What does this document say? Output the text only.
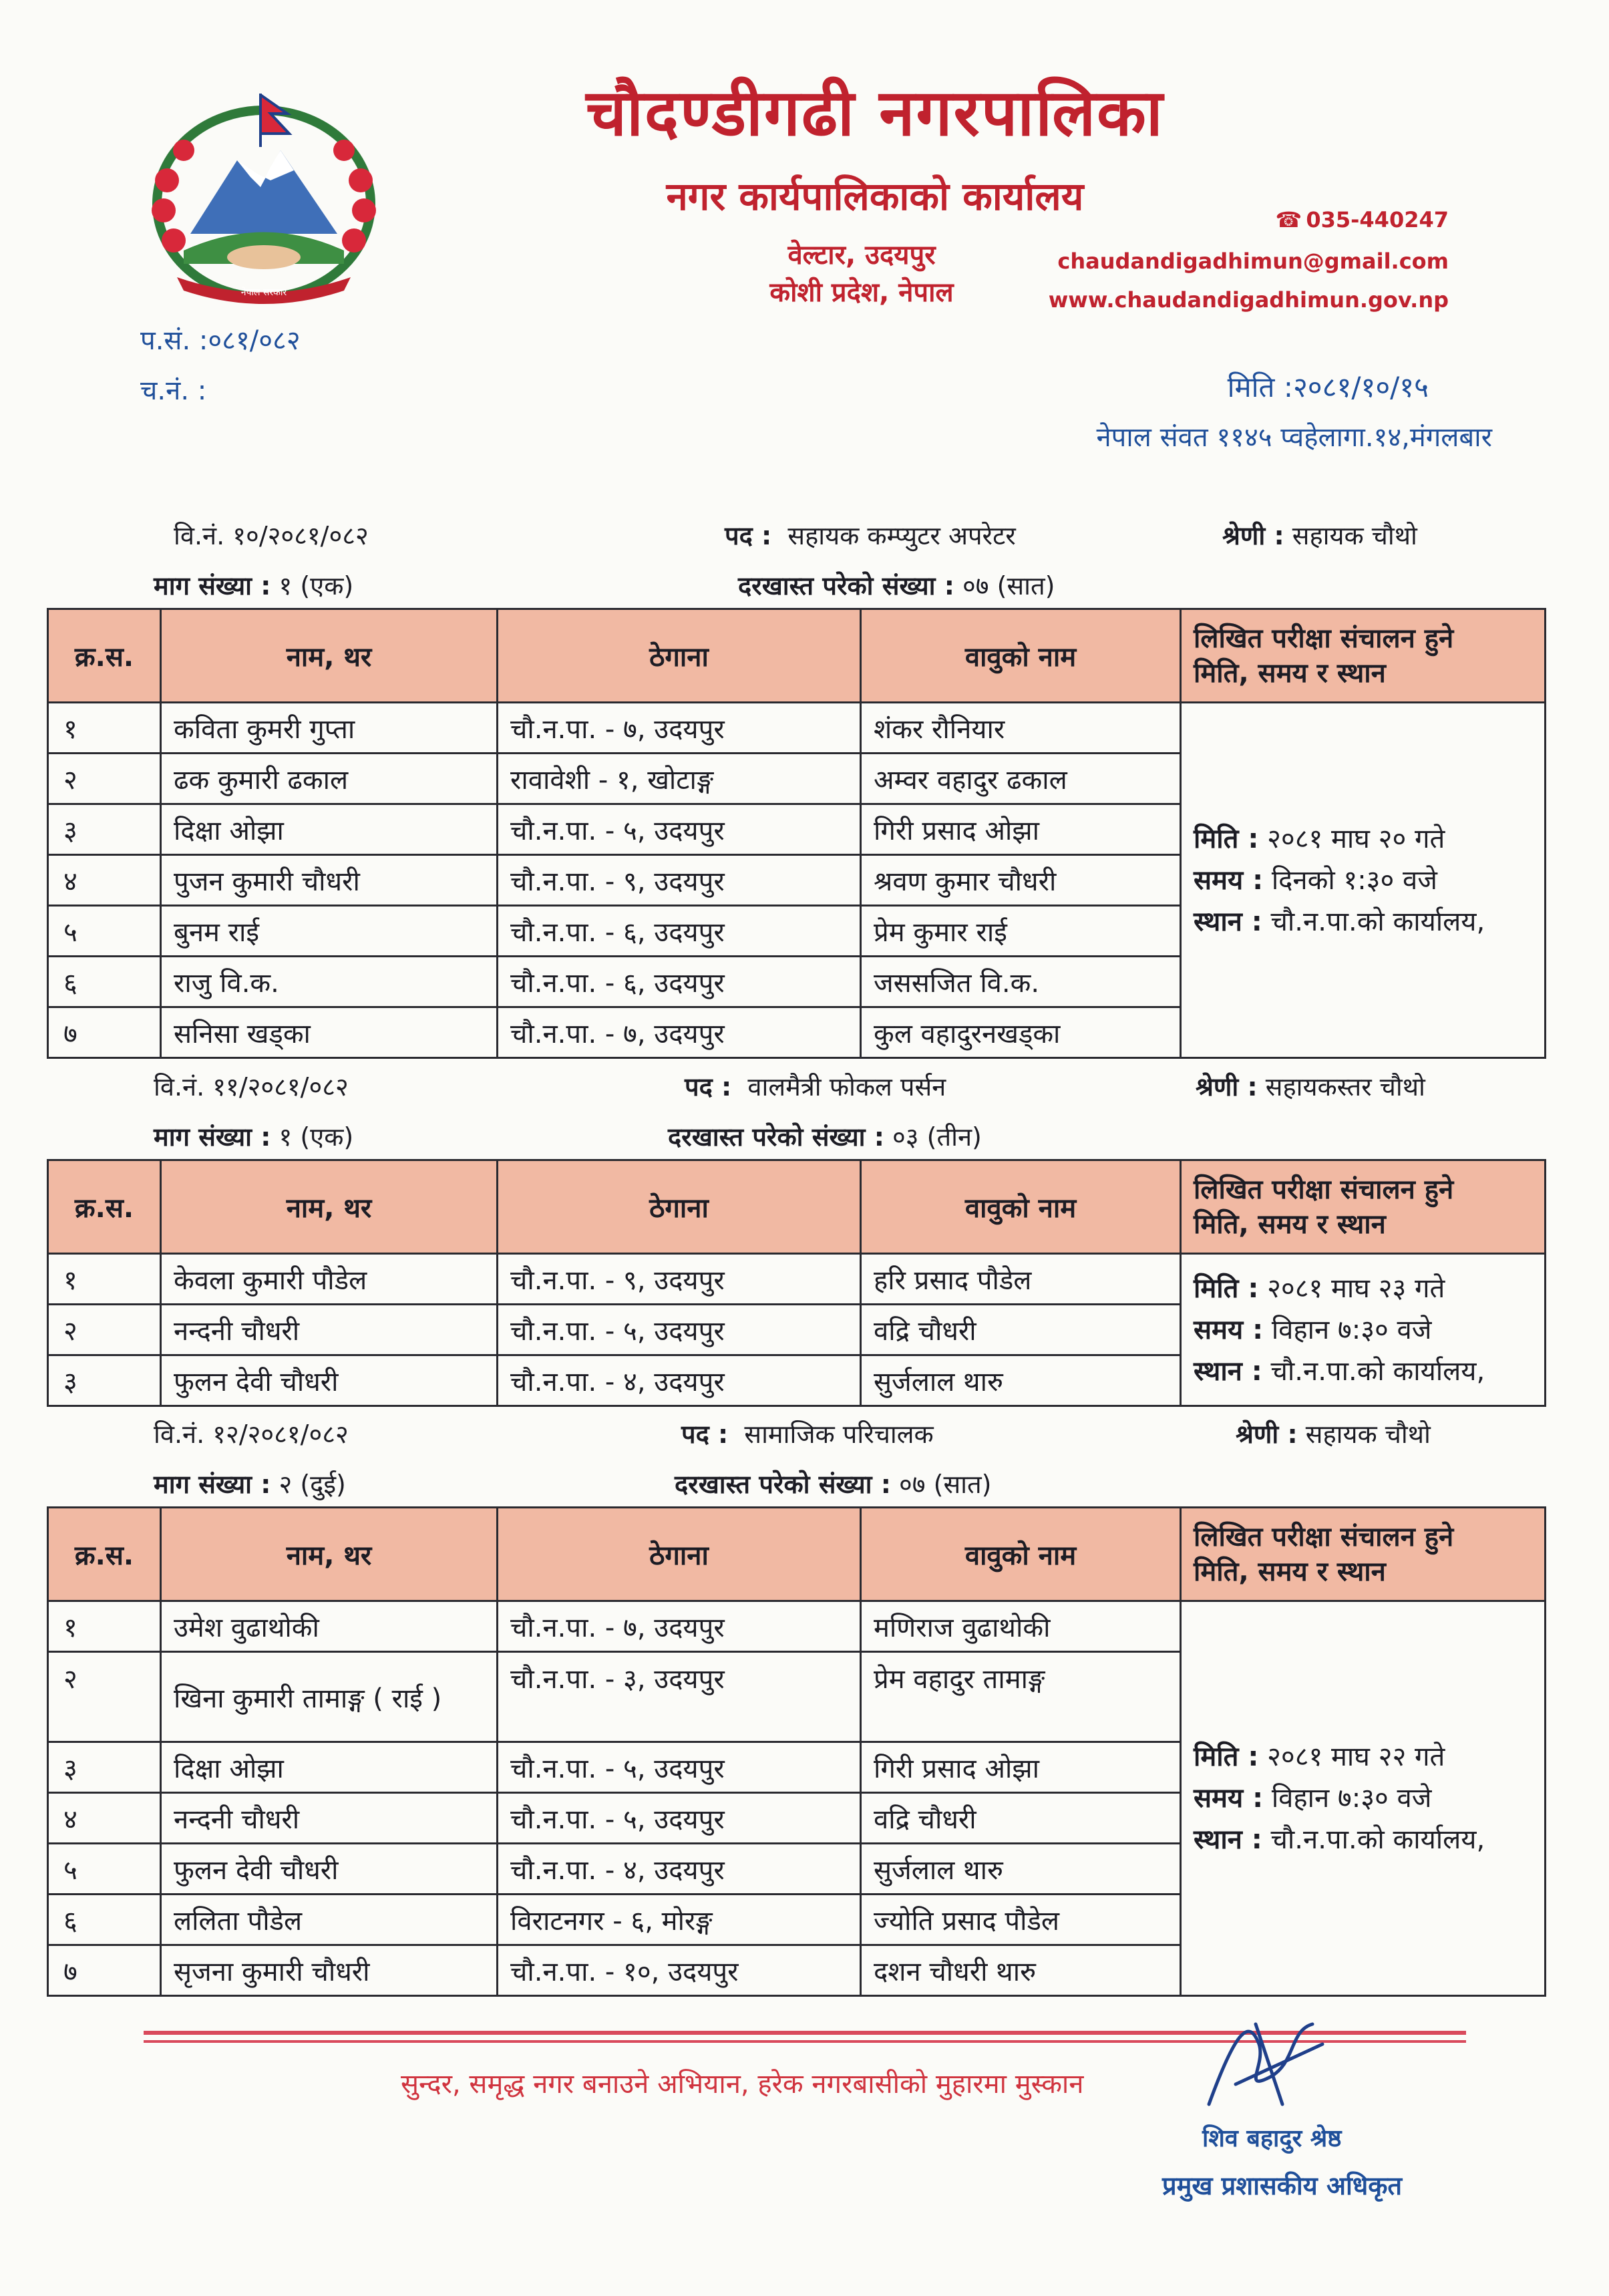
नेपाल सरकार
चौदण्डीगढी नगरपालिका
नगर कार्यपालिकाको कार्यालय
वेल्टार, उदयपुर
कोशी प्रदेश, नेपाल
☎ 035-440247
chaudandigadhimun@gmail.com
www.chaudandigadhimun.gov.np
प.सं. :०८१/०८२
च.नं. :	मिति :२०८१/१०/१५
नेपाल संवत ११४५ प्वहेलागा.१४,मंगलबार
वि.नं. १०/२०८१/०८२	पद : सहायक कम्प्युटर अपरेटर	श्रेणी : सहायक चौथो
माग संख्या : १ (एक)	दरखास्त परेको संख्या : ०७ (सात)
क्र.स.	नाम, थर	ठेगाना	वावुको नाम	लिखित परीक्षा संचालन हुने
मिति, समय र स्थान

१	कविता कुमरी गुप्ता	चौ.न.पा. - ७, उदयपुर	शंकर रौनियार	मिति : २०८१ माघ २० गते
समय : दिनको १:३० वजे
स्थान : चौ.न.पा.को कार्यालय,

२	ढक कुमारी ढकाल	रावावेशी - १, खोटाङ्ग	अम्वर वहादुर ढकाल	
३	दिक्षा ओझा	चौ.न.पा. - ५, उदयपुर	गिरी प्रसाद ओझा	
४	पुजन कुमारी चौधरी	चौ.न.पा. - ९, उदयपुर	श्रवण कुमार चौधरी	
५	बुनम राई	चौ.न.पा. - ६, उदयपुर	प्रेम कुमार राई	
६	राजु वि.क.	चौ.न.पा. - ६, उदयपुर	जससजित वि.क.	
७	सनिसा खड्का	चौ.न.पा. - ७, उदयपुर	कुल वहादुरनखड्का	
वि.नं. ११/२०८१/०८२	पद : वालमैत्री फोकल पर्सन	श्रेणी : सहायकस्तर चौथो
माग संख्या : १ (एक)	दरखास्त परेको संख्या : ०३ (तीन)
क्र.स.	नाम, थर	ठेगाना	वावुको नाम	लिखित परीक्षा संचालन हुने
मिति, समय र स्थान

१	केवला कुमारी पौडेल	चौ.न.पा. - ९, उदयपुर	हरि प्रसाद पौडेल	मिति : २०८१ माघ २३ गते
समय : विहान ७:३० वजे
स्थान : चौ.न.पा.को कार्यालय,

२	नन्दनी चौधरी	चौ.न.पा. - ५, उदयपुर	वद्रि चौधरी	
३	फुलन देवी चौधरी	चौ.न.पा. - ४, उदयपुर	सुर्जलाल थारु	
वि.नं. १२/२०८१/०८२	पद : सामाजिक परिचालक	श्रेणी : सहायक चौथो
माग संख्या : २ (दुई)	दरखास्त परेको संख्या : ०७ (सात)
क्र.स.	नाम, थर	ठेगाना	वावुको नाम	लिखित परीक्षा संचालन हुने
मिति, समय र स्थान

१	उमेश वुढाथोकी	चौ.न.पा. - ७, उदयपुर	मणिराज वुढाथोकी	मिति : २०८१ माघ २२ गते
समय : विहान ७:३० वजे
स्थान : चौ.न.पा.को कार्यालय,

२	खिना कुमारी तामाङ्ग ( राई )	चौ.न.पा. - ३, उदयपुर	प्रेम वहादुर तामाङ्ग	
३	दिक्षा ओझा	चौ.न.पा. - ५, उदयपुर	गिरी प्रसाद ओझा	
४	नन्दनी चौधरी	चौ.न.पा. - ५, उदयपुर	वद्रि चौधरी	
५	फुलन देवी चौधरी	चौ.न.पा. - ४, उदयपुर	सुर्जलाल थारु	
६	ललिता पौडेल	विराटनगर - ६, मोरङ्ग	ज्योति प्रसाद पौडेल	
७	सृजना कुमारी चौधरी	चौ.न.पा. - १०, उदयपुर	दशन चौधरी थारु	
सुन्दर, समृद्ध नगर बनाउने अभियान, हरेक नगरबासीको मुहारमा मुस्कान
शिव बहादुर श्रेष्ठ
प्रमुख प्रशासकीय अधिकृत
